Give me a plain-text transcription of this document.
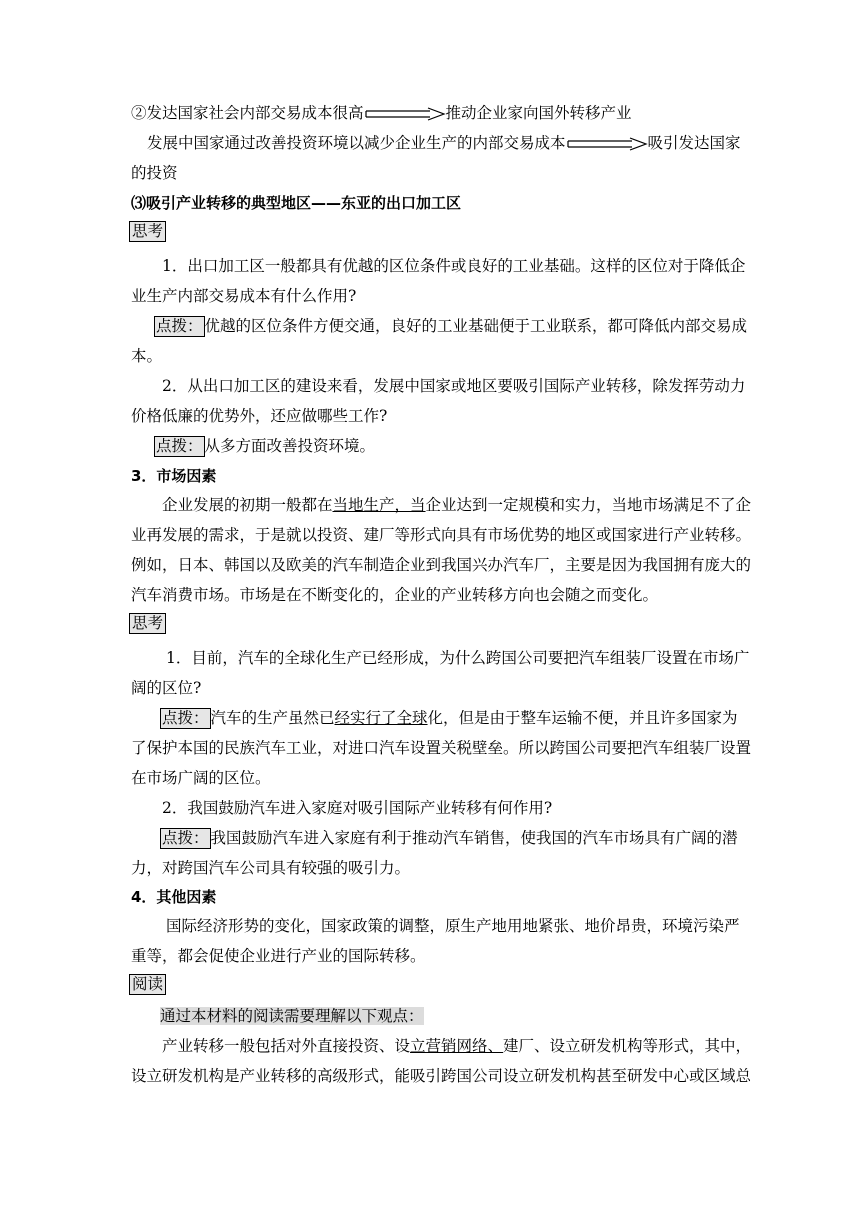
②发达国家社会内部交易成本很高	推动企业家向国外转移产业
发展中国家通过改善投资环境以减少企业生产的内部交易成本	吸引发达国家
的投资
⑶吸引产业转移的典型地区——东亚的出口加工区
思考
1．出口加工区一般都具有优越的区位条件或良好的工业基础。这样的区位对于降低企
业生产内部交易成本有什么作用?
点拨： 优越的区位条件方便交通，良好的工业基础便于工业联系，都可降低内部交易成
本。
2．从出口加工区的建设来看，发展中国家或地区要吸引国际产业转移，除发挥劳动力
价格低廉的优势外，还应做哪些工作?
点拨： 从多方面改善投资环境。
3．市场因素
企业发展的初期一般都在当地生产，当企业达到一定规模和实力，当地市场满足不了企
业再发展的需求，于是就以投资、建厂等形式向具有市场优势的地区或国家进行产业转移。
例如，日本、韩国以及欧美的汽车制造企业到我国兴办汽车厂，主要是因为我国拥有庞大的
汽车消费市场。市场是在不断变化的，企业的产业转移方向也会随之而变化。
思考
1．目前，汽车的全球化生产已经形成，为什么跨国公司要把汽车组装厂设置在市场广
阔的区位?
点拨： 汽车的生产虽然已经实行了全球化，但是由于整车运输不便，并且许多国家为
了保护本国的民族汽车工业，对进口汽车设置关税壁垒。所以跨国公司要把汽车组装厂设置
在市场广阔的区位。
2．我国鼓励汽车进入家庭对吸引国际产业转移有何作用?
点拨： 我国鼓励汽车进入家庭有利于推动汽车销售，使我国的汽车市场具有广阔的潜
力，对跨国汽车公司具有较强的吸引力。
4．其他因素
国际经济形势的变化，国家政策的调整，原生产地用地紧张、地价昂贵，环境污染严
重等，都会促使企业进行产业的国际转移。
阅读
通过本材料的阅读需要理解以下观点：
产业转移一般包括对外直接投资、设立营销网络、建厂、设立研发机构等形式，其中，
设立研发机构是产业转移的高级形式，能吸引跨国公司设立研发机构甚至研发中心或区域总
